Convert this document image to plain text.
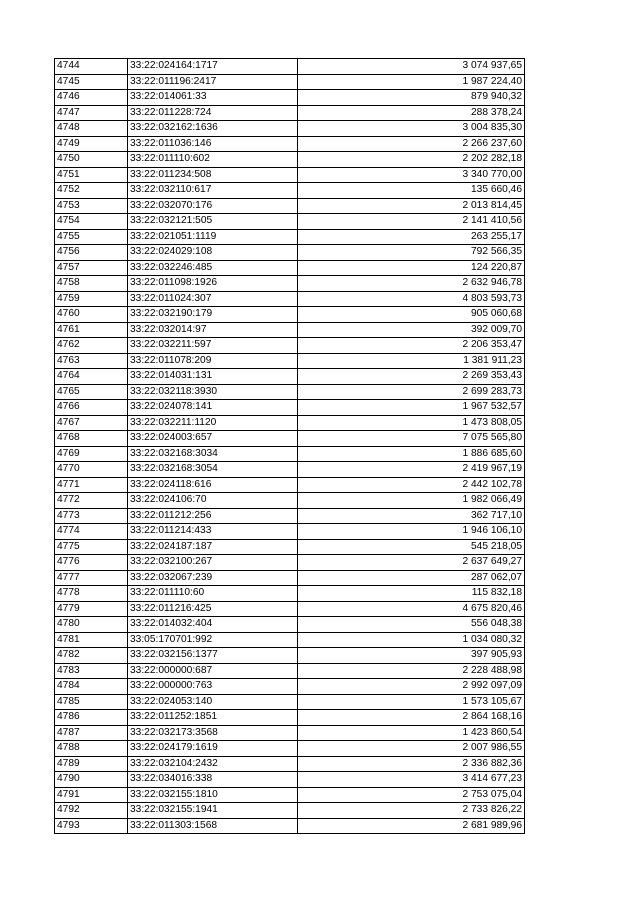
4744	33:22:024164:1717	3 074 937,65
4745	33:22:011196:2417	1 987 224,40
4746	33:22:014061:33	879 940,32
4747	33:22:011228:724	288 378,24
4748	33:22:032162:1636	3 004 835,30
4749	33:22:011036:146	2 266 237,60
4750	33:22:011110:602	2 202 282,18
4751	33:22:011234:508	3 340 770,00
4752	33:22:032110:617	135 660,46
4753	33:22:032070:176	2 013 814,45
4754	33:22:032121:505	2 141 410,56
4755	33:22:021051:1119	263 255,17
4756	33:22:024029:108	792 566,35
4757	33:22:032246:485	124 220,87
4758	33:22:011098:1926	2 632 946,78
4759	33:22:011024:307	4 803 593,73
4760	33:22:032190:179	905 060,68
4761	33:22:032014:97	392 009,70
4762	33:22:032211:597	2 206 353,47
4763	33:22:011078:209	1 381 911,23
4764	33:22:014031:131	2 269 353,43
4765	33:22:032118:3930	2 699 283,73
4766	33:22:024078:141	1 967 532,57
4767	33:22:032211:1120	1 473 808,05
4768	33:22:024003:657	7 075 565,80
4769	33:22:032168:3034	1 886 685,60
4770	33:22:032168:3054	2 419 967,19
4771	33:22:024118:616	2 442 102,78
4772	33:22:024106:70	1 982 066,49
4773	33:22:011212:256	362 717,10
4774	33:22:011214:433	1 946 106,10
4775	33:22:024187:187	545 218,05
4776	33:22:032100:267	2 637 649,27
4777	33:22:032067:239	287 062,07
4778	33:22:011110:60	115 832,18
4779	33:22:011216:425	4 675 820,46
4780	33:22:014032:404	556 048,38
4781	33:05:170701:992	1 034 080,32
4782	33:22:032156:1377	397 905,93
4783	33:22:000000:687	2 228 488,98
4784	33:22:000000:763	2 992 097,09
4785	33:22:024053:140	1 573 105,67
4786	33:22:011252:1851	2 864 168,16
4787	33:22:032173:3568	1 423 860,54
4788	33:22:024179:1619	2 007 986,55
4789	33:22:032104:2432	2 336 882,36
4790	33:22:034016:338	3 414 677,23
4791	33:22:032155:1810	2 753 075,04
4792	33:22:032155:1941	2 733 826,22
4793	33:22:011303:1568	2 681 989,96
